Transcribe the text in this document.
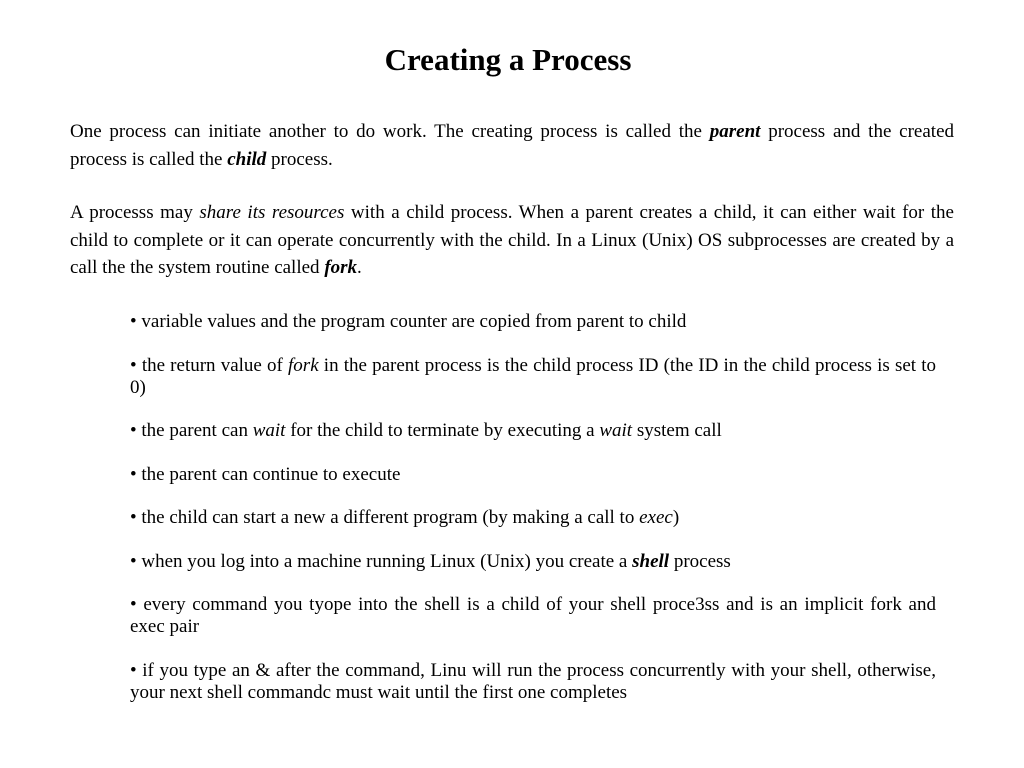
Creating a Process

One process can initiate another to do work. The creating process is called the parent process and the created process is called the child process.

A processs may share its resources with a child process. When a parent creates a child, it can either wait for the child to complete or it can operate concurrently with the child. In a Linux (Unix) OS subprocesses are created by a call the the system routine called fork.

• variable values and the program counter are copied from parent to child
• the return value of fork in the parent process is the child process ID (the ID in the child process is set to 0)
• the parent can wait for the child to terminate by executing a wait system call
• the parent can continue to execute
• the child can start a new a different program (by making a call to exec)
• when you log into a machine running Linux (Unix) you create a shell process
• every command you tyope into the shell is a child of your shell proce3ss and is an implicit fork and exec pair
• if you type an & after the command, Linu will run the process concurrently with your shell, otherwise, your next shell commandc must wait until the first one completes
